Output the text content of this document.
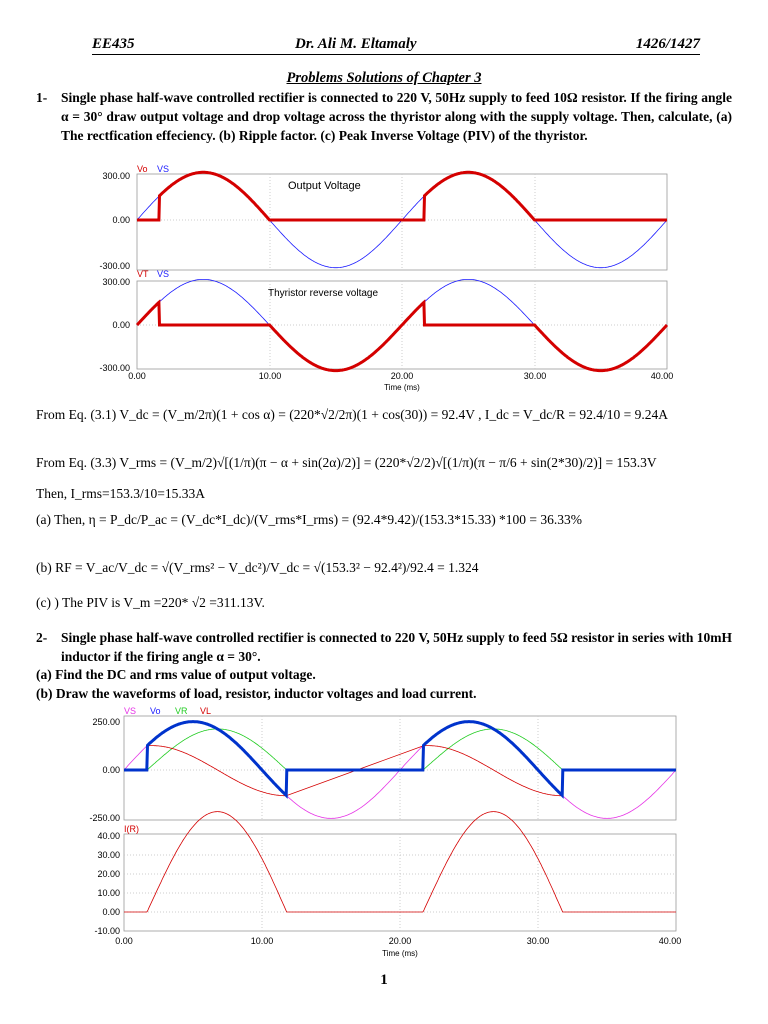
EE435	Dr. Ali M. Eltamaly	1426/1427
Problems Solutions of Chapter 3
1- Single phase half-wave controlled rectifier is connected to 220 V, 50Hz supply to feed 10Ω resistor. If the firing angle α = 30° draw output voltage and drop voltage across the thyristor along with the supply voltage. Then, calculate, (a) The rectfication effeciency. (b) Ripple factor. (c) Peak Inverse Voltage (PIV) of the thyristor.
Vo VS
Output Voltage
300.00
0.00
-300.00
VT VS
Thyristor reverse voltage
300.00
0.00
-300.00
0.00	10.00	20.00	30.00	40.00
Time (ms)
From Eq. (3.1) V_dc = (V_m/2π)(1 + cos α) = (220*√2/2π)(1 + cos(30)) = 92.4V , I_dc = V_dc/R = 92.4/10 = 9.24A
From Eq. (3.3) V_rms = (V_m/2)√[(1/π)(π − α + sin(2α)/2)] = (220*√2/2)√[(1/π)(π − π/6 + sin(2*30)/2)] = 153.3V
Then, I_rms=153.3/10=15.33A
(a) Then, η = P_dc/P_ac = (V_dc*I_dc)/(V_rms*I_rms) = (92.4*9.42)/(153.3*15.33) *100 = 36.33%
(b) RF = V_ac/V_dc = √(V_rms² − V_dc²)/V_dc = √(153.3² − 92.4²)/92.4 = 1.324
(c) ) The PIV is V_m =220* √2 =311.13V.
2- Single phase half-wave controlled rectifier is connected to 220 V, 50Hz supply to feed 5Ω resistor in series with 10mH inductor if the firing angle α = 30°.
(a) Find the DC and rms value of output voltage.
(b) Draw the waveforms of load, resistor, inductor voltages and load current.
VS Vo VR VL
250.00
0.00
-250.00
I(R)
40.00
30.00
20.00
10.00
0.00
-10.00
0.00	10.00	20.00	30.00	40.00
Time (ms)
1
